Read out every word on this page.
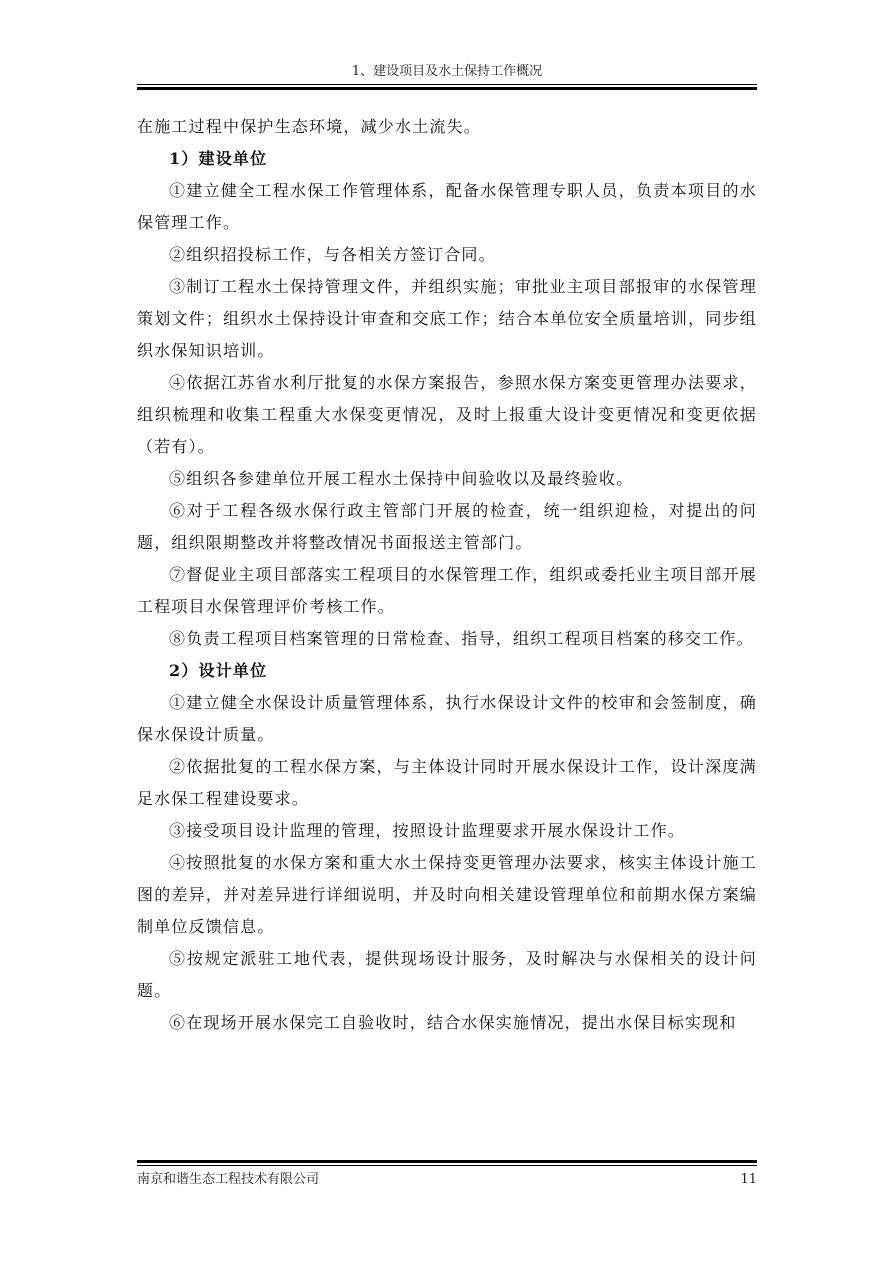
1、建设项目及水土保持工作概况

在施工过程中保护生态环境，减少水土流失。

1）建设单位

①建立健全工程水保工作管理体系，配备水保管理专职人员，负责本项目的水保管理工作。

②组织招投标工作，与各相关方签订合同。

③制订工程水土保持管理文件，并组织实施；审批业主项目部报审的水保管理策划文件；组织水土保持设计审查和交底工作；结合本单位安全质量培训，同步组织水保知识培训。

④依据江苏省水利厅批复的水保方案报告，参照水保方案变更管理办法要求，组织梳理和收集工程重大水保变更情况，及时上报重大设计变更情况和变更依据（若有）。

⑤组织各参建单位开展工程水土保持中间验收以及最终验收。

⑥对于工程各级水保行政主管部门开展的检查，统一组织迎检，对提出的问题，组织限期整改并将整改情况书面报送主管部门。

⑦督促业主项目部落实工程项目的水保管理工作，组织或委托业主项目部开展工程项目水保管理评价考核工作。

⑧负责工程项目档案管理的日常检查、指导，组织工程项目档案的移交工作。

2）设计单位

①建立健全水保设计质量管理体系，执行水保设计文件的校审和会签制度，确保水保设计质量。

②依据批复的工程水保方案，与主体设计同时开展水保设计工作，设计深度满足水保工程建设要求。

③接受项目设计监理的管理，按照设计监理要求开展水保设计工作。

④按照批复的水保方案和重大水土保持变更管理办法要求，核实主体设计施工图的差异，并对差异进行详细说明，并及时向相关建设管理单位和前期水保方案编制单位反馈信息。

⑤按规定派驻工地代表，提供现场设计服务，及时解决与水保相关的设计问题。

⑥在现场开展水保完工自验收时，结合水保实施情况，提出水保目标实现和

南京和谐生态工程技术有限公司	11
